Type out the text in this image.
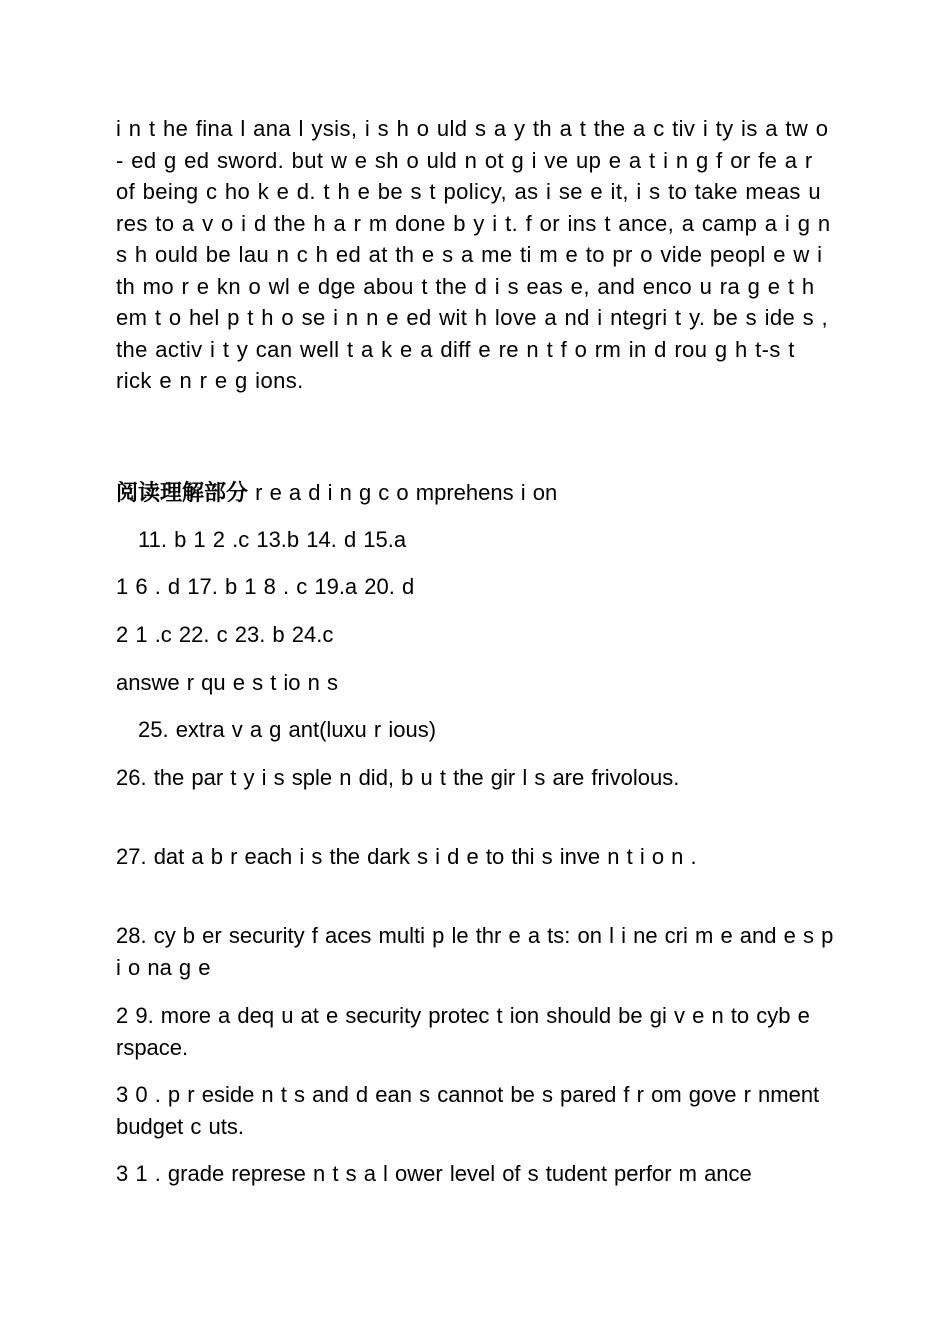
i n t he fina l ana l ysis, i s h o uld s a y th a t the a c tiv i ty is a tw o - ed g ed sword. but w e sh o uld n ot g i ve up e a t i n g f or fe a r of being c ho k e d. t h e be s t policy, as i se e it, i s to take meas u res to a v o i d the h a r m done b y i t. f or ins t ance, a camp a i g n s h ould be lau n c h ed at th e s a me ti m e to pr o vide peopl e w i th mo r e kn o wl e dge abou t the d i s eas e, and enco u ra g e t h em t o hel p t h o se i n n e ed wit h love a nd i ntegri t y. be s ide s , the activ i t y can well t a k e a diff e re n t f o rm in d rou g h t-s t rick e n r e g ions.

阅读理解部分 r e a d i n g c o mprehens i on

11. b 1 2 .c 13.b 14. d 15.a

1 6 . d 17. b 1 8 . c 19.a 20. d

2 1 .c 22. c 23. b 24.c

answe r qu e s t io n s

25. extra v a g ant(luxu r ious)

26. the par t y i s sple n did, b u t the gir l s are frivolous.

27. dat a b r each i s the dark s i d e to thi s inve n t i o n .

28. cy b er security f aces multi p le thr e a ts: on l i ne cri m e and e s p i o na g e

2 9. more a deq u at e security protec t ion should be gi v e n to cyb e rspace.

3 0 . p r eside n t s and d ean s cannot be s pared f r om gove r nment budget c uts.

3 1 . grade represe n t s a l ower level of s tudent perfor m ance
